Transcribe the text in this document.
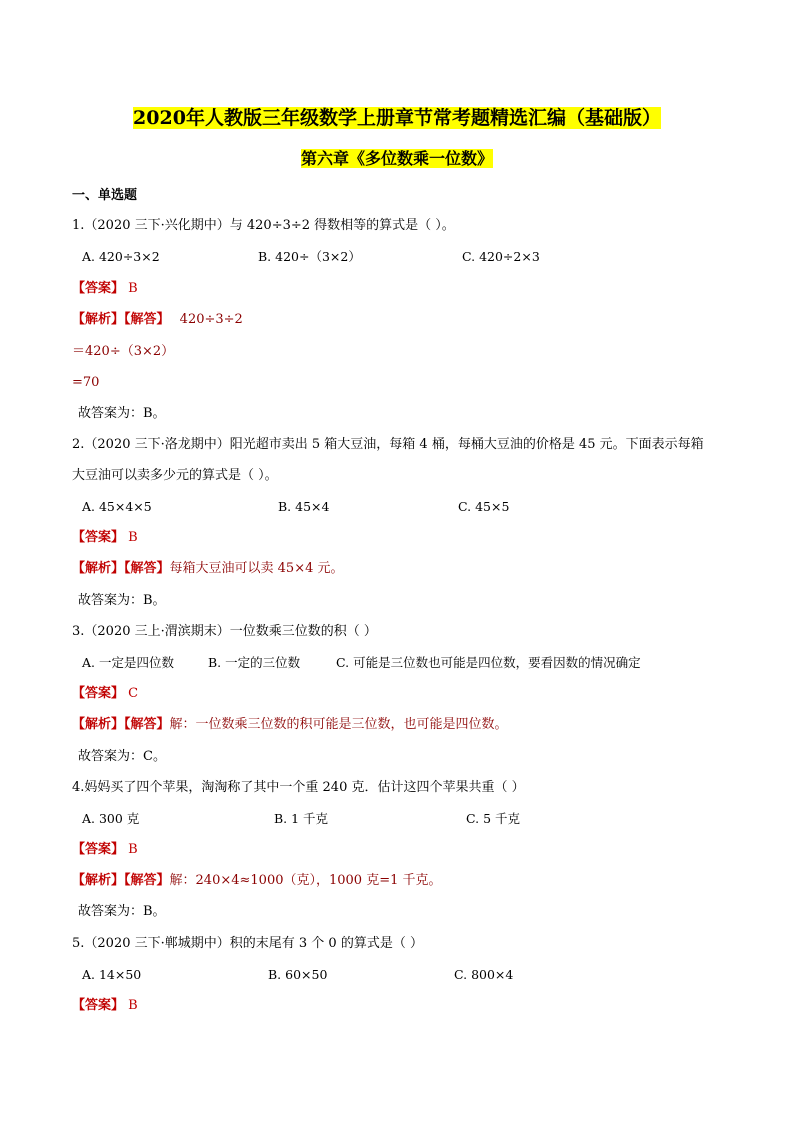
2020年人教版三年级数学上册章节常考题精选汇编（基础版）
第六章《多位数乘一位数》
一、单选题
1.（2020 三下·兴化期中）与 420÷3÷2 得数相等的算式是（ ）。
A. 420÷3×2	B. 420÷（3×2）	C. 420÷2×3
【答案】 B
【解析】【解答】 420÷3÷2
＝420÷（3×2）
=70
故答案为：B。
2.（2020 三下·洛龙期中）阳光超市卖出 5 箱大豆油，每箱 4 桶，每桶大豆油的价格是 45 元。下面表示每箱
大豆油可以卖多少元的算式是（ ）。
A. 45×4×5	B. 45×4	C. 45×5
【答案】 B
【解析】【解答】每箱大豆油可以卖 45×4 元。
故答案为：B。
3.（2020 三上·渭滨期末）一位数乘三位数的积（ ）
A. 一定是四位数	B. 一定的三位数	C. 可能是三位数也可能是四位数，要看因数的情况确定
【答案】 C
【解析】【解答】解：一位数乘三位数的积可能是三位数，也可能是四位数。
故答案为：C。
4.妈妈买了四个苹果，淘淘称了其中一个重 240 克．估计这四个苹果共重（ ）
A. 300 克	B. 1 千克	C. 5 千克
【答案】 B
【解析】【解答】解：240×4≈1000（克），1000 克=1 千克。
故答案为：B。
5.（2020 三下·郸城期中）积的末尾有 3 个 0 的算式是（ ）
A. 14×50	B. 60×50	C. 800×4
【答案】 B
